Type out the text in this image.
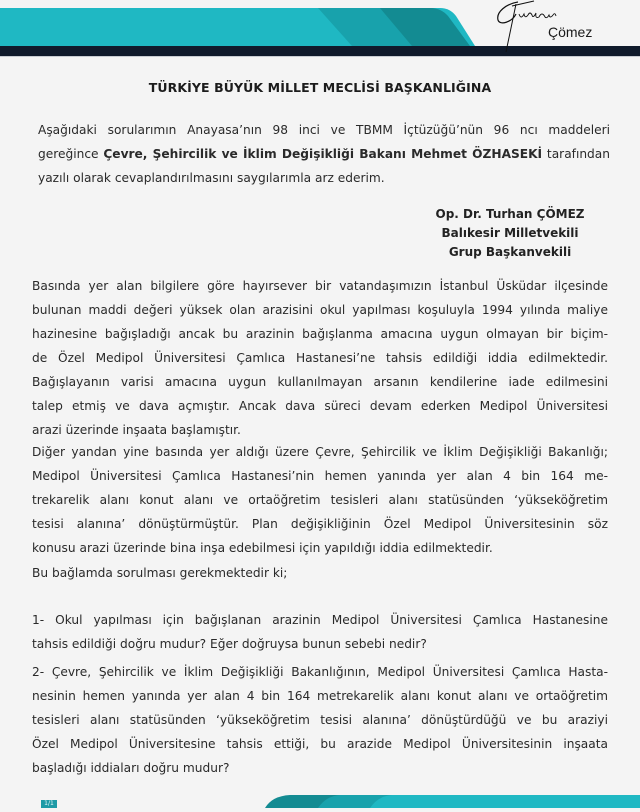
Çömez
TÜRKİYE BÜYÜK MİLLET MECLİSİ BAŞKANLIĞINA
Aşağıdaki sorularımın Anayasa’nın 98 inci ve TBMM İçtüzüğü’nün 96 ncı maddeleri
gereğince Çevre, Şehircilik ve İklim Değişikliği Bakanı Mehmet ÖZHASEKİ tarafından
yazılı olarak cevaplandırılmasını saygılarımla arz ederim.
Op. Dr. Turhan ÇÖMEZ
Balıkesir Milletvekili
Grup Başkanvekili
Basında yer alan bilgilere göre hayırsever bir vatandaşımızın İstanbul Üsküdar ilçesinde
bulunan maddi değeri yüksek olan arazisini okul yapılması koşuluyla 1994 yılında maliye
hazinesine bağışladığı ancak bu arazinin bağışlanma amacına uygun olmayan bir biçim-
de Özel Medipol Üniversitesi Çamlıca Hastanesi’ne tahsis edildiği iddia edilmektedir.
Bağışlayanın varisi amacına uygun kullanılmayan arsanın kendilerine iade edilmesini
talep etmiş ve dava açmıştır. Ancak dava süreci devam ederken Medipol Üniversitesi
arazi üzerinde inşaata başlamıştır.
Diğer yandan yine basında yer aldığı üzere Çevre, Şehircilik ve İklim Değişikliği Bakanlığı;
Medipol Üniversitesi Çamlıca Hastanesi’nin hemen yanında yer alan 4 bin 164 me-
trekarelik alanı konut alanı ve ortaöğretim tesisleri alanı statüsünden ‘yükseköğretim
tesisi alanına’ dönüştürmüştür. Plan değişikliğinin Özel Medipol Üniversitesinin söz
konusu arazi üzerinde bina inşa edebilmesi için yapıldığı iddia edilmektedir.
Bu bağlamda sorulması gerekmektedir ki;
1- Okul yapılması için bağışlanan arazinin Medipol Üniversitesi Çamlıca Hastanesine
tahsis edildiği doğru mudur? Eğer doğruysa bunun sebebi nedir?
2- Çevre, Şehircilik ve İklim Değişikliği Bakanlığının, Medipol Üniversitesi Çamlıca Hasta-
nesinin hemen yanında yer alan 4 bin 164 metrekarelik alanı konut alanı ve ortaöğretim
tesisleri alanı statüsünden ‘yükseköğretim tesisi alanına’ dönüştürdüğü ve bu araziyi
Özel Medipol Üniversitesine tahsis ettiği, bu arazide Medipol Üniversitesinin inşaata
başladığı iddiaları doğru mudur?
1/1
